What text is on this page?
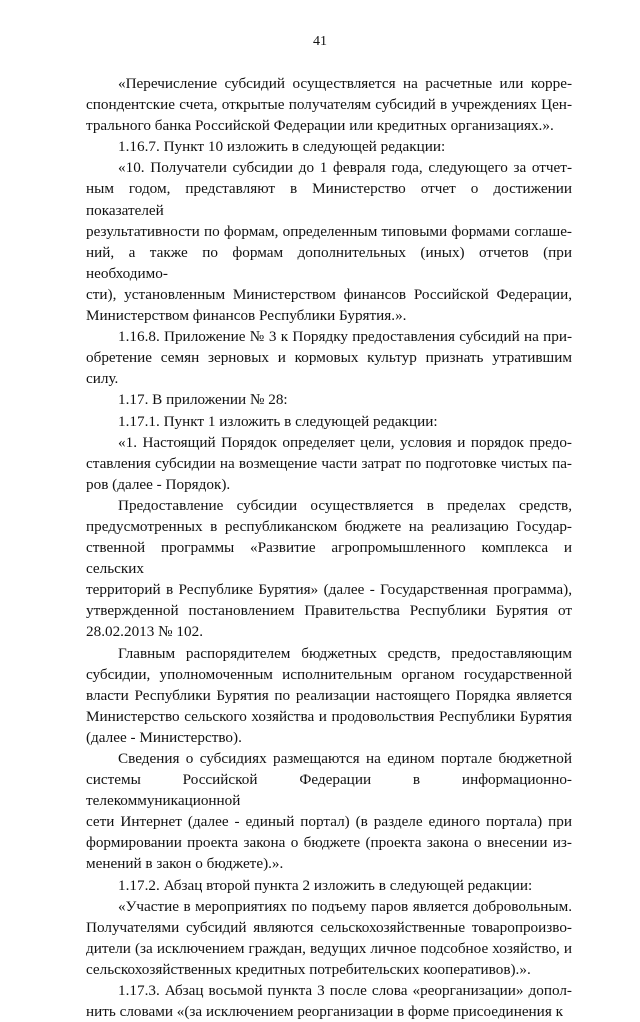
41
«Перечисление субсидий осуществляется на расчетные или корре-
спондентские счета, открытые получателям субсидий в учреждениях Цен-
трального банка Российской Федерации или кредитных организациях.».
1.16.7. Пункт 10 изложить в следующей редакции:
«10. Получатели субсидии до 1 февраля года, следующего за отчет-
ным годом, представляют в Министерство отчет о достижении показателей
результативности по формам, определенным типовыми формами соглаше-
ний, а также по формам дополнительных (иных) отчетов (при необходимо-
сти), установленным Министерством финансов Российской Федерации,
Министерством финансов Республики Бурятия.».
1.16.8. Приложение № 3 к Порядку предоставления субсидий на при-
обретение семян зерновых и кормовых культур признать утратившим силу.
1.17. В приложении № 28:
1.17.1. Пункт 1 изложить в следующей редакции:
«1. Настоящий Порядок определяет цели, условия и порядок предо-
ставления субсидии на возмещение части затрат по подготовке чистых па-
ров (далее - Порядок).
Предоставление субсидии осуществляется в пределах средств,
предусмотренных в республиканском бюджете на реализацию Государ-
ственной программы «Развитие агропромышленного комплекса и сельских
территорий в Республике Бурятия» (далее - Государственная программа),
утвержденной постановлением Правительства Республики Бурятия от
28.02.2013 № 102.
Главным распорядителем бюджетных средств, предоставляющим
субсидии, уполномоченным исполнительным органом государственной
власти Республики Бурятия по реализации настоящего Порядка является
Министерство сельского хозяйства и продовольствия Республики Бурятия
(далее - Министерство).
Сведения о субсидиях размещаются на едином портале бюджетной
системы Российской Федерации в информационно-телекоммуникационной
сети Интернет (далее - единый портал) (в разделе единого портала) при
формировании проекта закона о бюджете (проекта закона о внесении из-
менений в закон о бюджете).».
1.17.2. Абзац второй пункта 2 изложить в следующей редакции:
«Участие в мероприятиях по подъему паров является добровольным.
Получателями субсидий являются сельскохозяйственные товаропроизво-
дители (за исключением граждан, ведущих личное подсобное хозяйство, и
сельскохозяйственных кредитных потребительских кооперативов).».
1.17.3. Абзац восьмой пункта 3 после слова «реорганизации» допол-
нить словами «(за исключением реорганизации в форме присоединения к
